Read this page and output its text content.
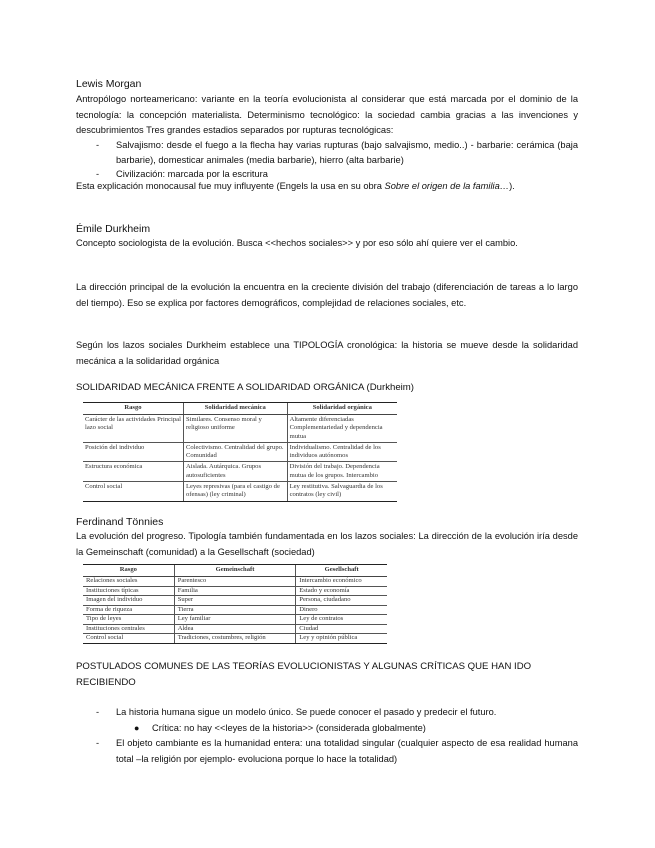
Lewis Morgan
Antropólogo norteamericano: variante en la teoría evolucionista al considerar que está marcada por el dominio de la tecnología: la concepción materialista. Determinismo tecnológico: la sociedad cambia gracias a las invenciones y descubrimientos Tres grandes estadios separados por rupturas tecnológicas:
- Salvajismo: desde el fuego a la flecha hay varias rupturas (bajo salvajismo, medio..) - barbarie: cerámica (baja barbarie), domesticar animales (media barbarie), hierro (alta barbarie)
- Civilización: marcada por la escritura
Esta explicación monocausal fue muy influyente (Engels la usa en su obra Sobre el origen de la familia…).
Émile Durkheim
Concepto sociologista de la evolución. Busca <<hechos sociales>> y por eso sólo ahí quiere ver el cambio.
La dirección principal de la evolución la encuentra en la creciente división del trabajo (diferenciación de tareas a lo largo del tiempo). Eso se explica por factores demográficos, complejidad de relaciones sociales, etc.
Según los lazos sociales Durkheim establece una TIPOLOGÍA cronológica: la historia se mueve desde la solidaridad mecánica a la solidaridad orgánica
SOLIDARIDAD MECÁNICA FRENTE A SOLIDARIDAD ORGÁNICA (Durkheim)
Rasgo	Solidaridad mecánica	Solidaridad orgánica
Carácter de las actividades Principal lazo social	Similares. Consenso moral y religioso uniforme	Altamente diferenciadas Complementariedad y dependencia mutua
Posición del individuo	Colectivismo. Centralidad del grupo. Comunidad	Individualismo. Centralidad de los individuos autónomos
Estructura económica	Aislada. Autárquica. Grupos autosuficientes	División del trabajo. Dependencia mutua de los grupos. Intercambio
Control social	Leyes represivas (para el castigo de ofensas) (ley criminal)	Ley restitutiva. Salvaguardia de los contratos (ley civil)
Ferdinand Tönnies
La evolución del progreso. Tipología también fundamentada en los lazos sociales: La dirección de la evolución iría desde la Gemeinschaft (comunidad) a la Gesellschaft (sociedad)
Rasgo	Gemeinschaft	Gesellschaft
Relaciones sociales	Parentesco	Intercambio económico
Instituciones típicas	Familia	Estado y economía
Imagen del individuo	Super	Persona, ciudadano
Forma de riqueza	Tierra	Dinero
Tipo de leyes	Ley familiar	Ley de contratos
Instituciones centrales	Aldea	Ciudad
Control social	Tradiciones, costumbres, religión	Ley y opinión pública
POSTULADOS COMUNES DE LAS TEORÍAS EVOLUCIONISTAS Y ALGUNAS CRÍTICAS QUE HAN IDO RECIBIENDO
- La historia humana sigue un modelo único. Se puede conocer el pasado y predecir el futuro.
● Crítica: no hay <<leyes de la historia>> (considerada globalmente)
- El objeto cambiante es la humanidad entera: una totalidad singular (cualquier aspecto de esa realidad humana total –la religión por ejemplo- evoluciona porque lo hace la totalidad)
